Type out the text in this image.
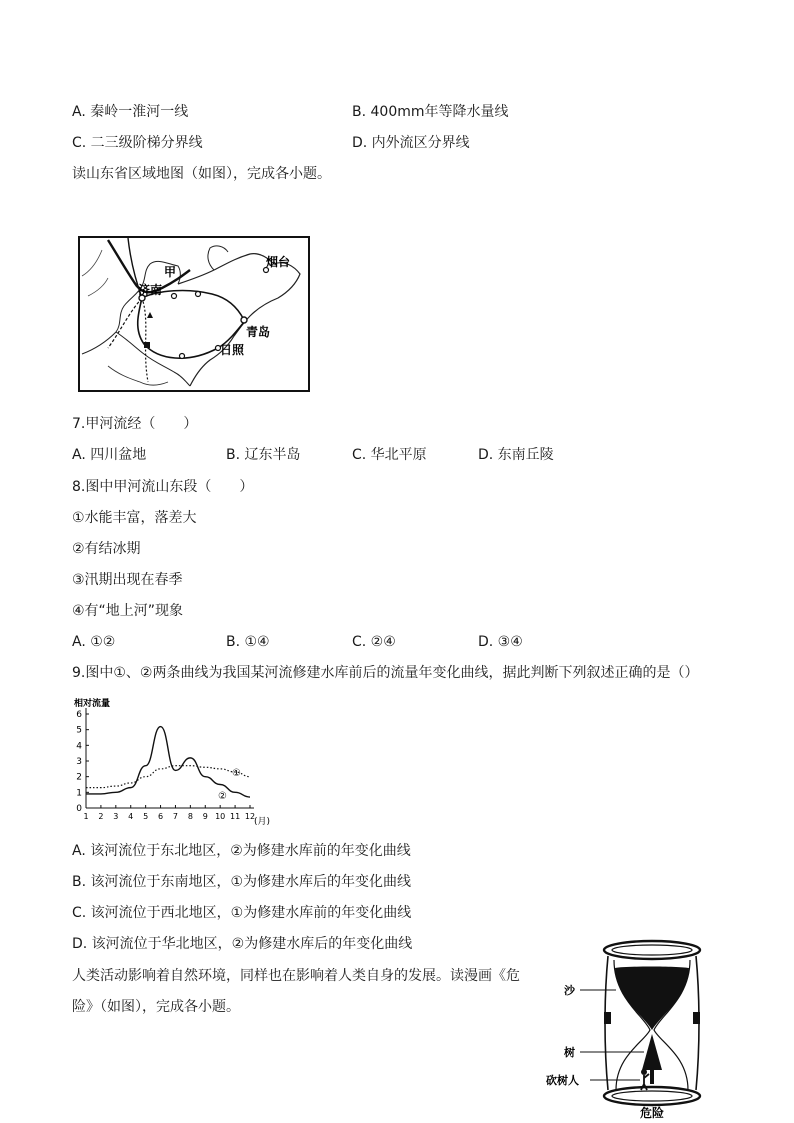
A. 秦岭一淮河一线	B. 400mm年等降水量线
C. 二三级阶梯分界线	D. 内外流区分界线
读山东省区域地图（如图），完成各小题。
甲
烟台
济南
青岛
日照
7.甲河流经（　　）
A. 四川盆地	B. 辽东半岛	C. 华北平原	D. 东南丘陵
8.图中甲河流山东段（　　）
①水能丰富，落差大
②有结冰期
③汛期出现在春季
④有“地上河”现象
A. ①②	B. ①④	C. ②④	D. ③④
9.图中①、②两条曲线为我国某河流修建水库前后的流量年变化曲线，据此判断下列叙述正确的是（）
0
1
2
3
4
5
6
1 2 3 4 5 6 7 8 9 10 11 12
相对流量
(月)
①
②
A. 该河流位于东北地区，②为修建水库前的年变化曲线
B. 该河流位于东南地区，①为修建水库后的年变化曲线
C. 该河流位于西北地区，①为修建水库前的年变化曲线
D. 该河流位于华北地区，②为修建水库后的年变化曲线
人类活动影响着自然环境，同样也在影响着人类自身的发展。读漫画《危
险》（如图），完成各小题。
沙
树
砍树人
危险
